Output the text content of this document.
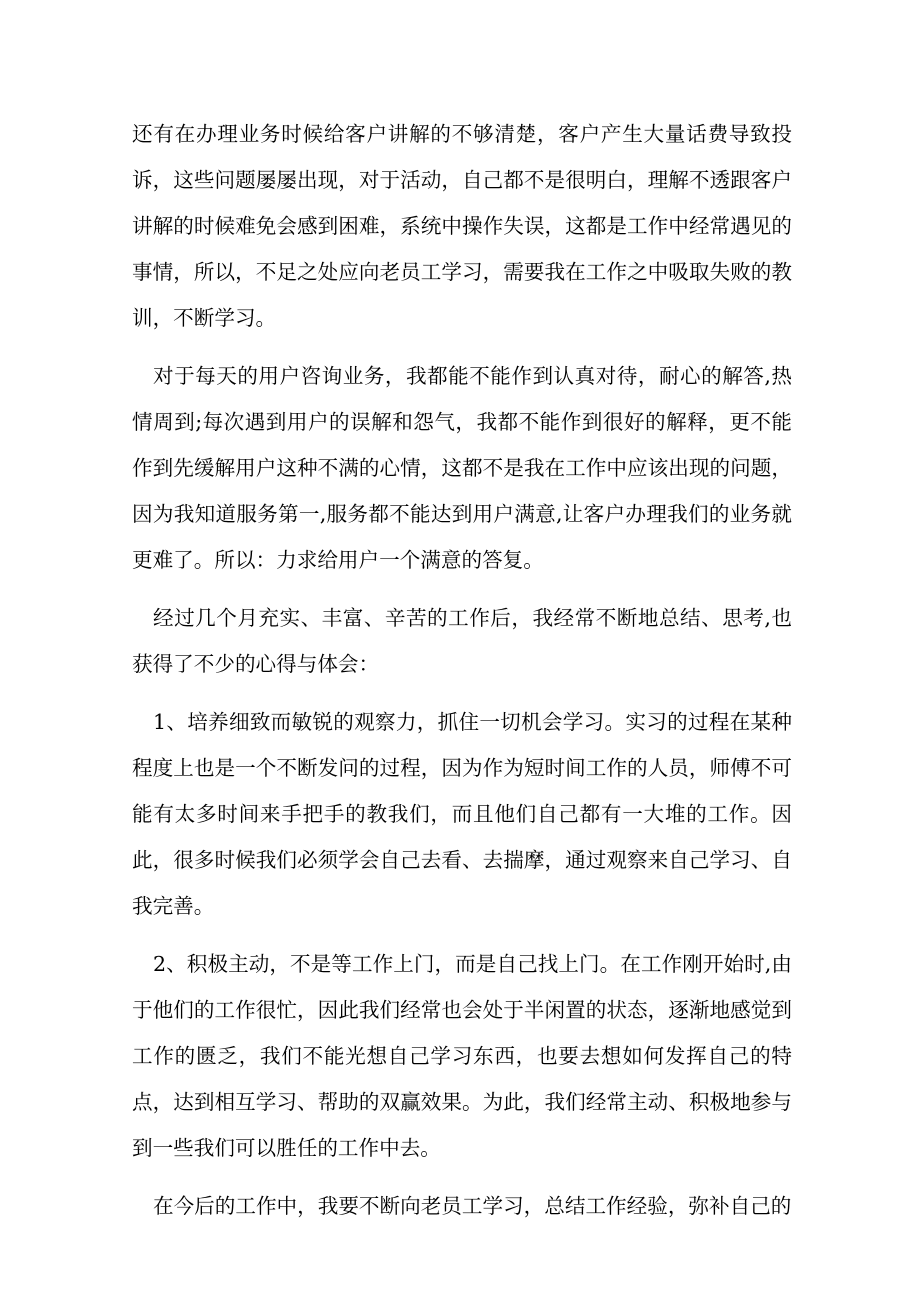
还有在办理业务时候给客户讲解的不够清楚，客户产生大量话费导致投诉，这些问题屡屡出现，对于活动，自己都不是很明白，理解不透跟客户讲解的时候难免会感到困难，系统中操作失误，这都是工作中经常遇见的事情，所以，不足之处应向老员工学习，需要我在工作之中吸取失败的教训，不断学习。

对于每天的用户咨询业务，我都能不能作到认真对待，耐心的解答,热情周到;每次遇到用户的误解和怨气，我都不能作到很好的解释，更不能作到先缓解用户这种不满的心情，这都不是我在工作中应该出现的问题，因为我知道服务第一,服务都不能达到用户满意,让客户办理我们的业务就更难了。所以：力求给用户一个满意的答复。

经过几个月充实、丰富、辛苦的工作后，我经常不断地总结、思考,也获得了不少的心得与体会：

1、培养细致而敏锐的观察力，抓住一切机会学习。实习的过程在某种程度上也是一个不断发问的过程，因为作为短时间工作的人员，师傅不可能有太多时间来手把手的教我们，而且他们自己都有一大堆的工作。因此，很多时候我们必须学会自己去看、去揣摩，通过观察来自己学习、自我完善。

2、积极主动，不是等工作上门，而是自己找上门。在工作刚开始时,由于他们的工作很忙，因此我们经常也会处于半闲置的状态，逐渐地感觉到工作的匮乏，我们不能光想自己学习东西，也要去想如何发挥自己的特点，达到相互学习、帮助的双赢效果。为此，我们经常主动、积极地参与到一些我们可以胜任的工作中去。

在今后的工作中，我要不断向老员工学习，总结工作经验，弥补自己的
